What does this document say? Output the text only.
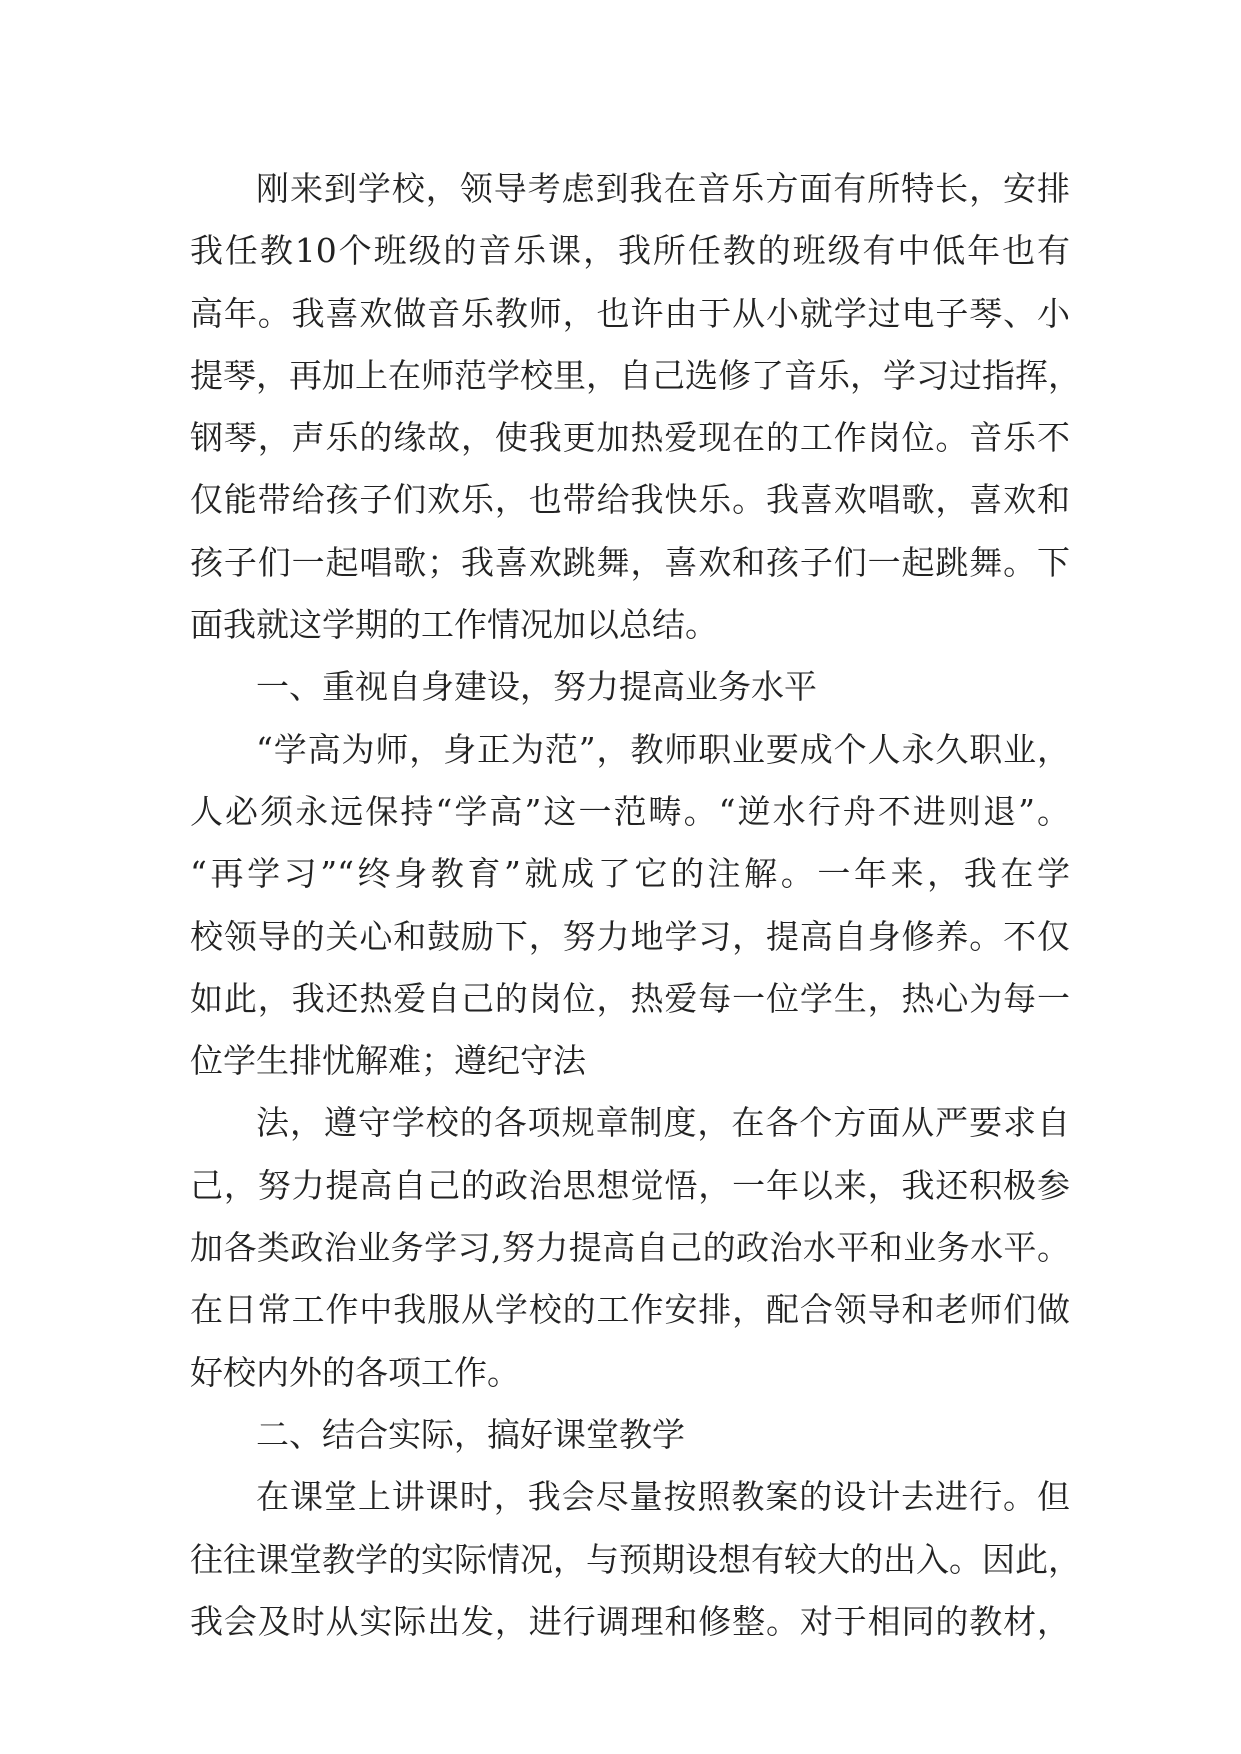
刚来到学校，领导考虑到我在音乐方面有所特长，安排
我任教10个班级的音乐课，我所任教的班级有中低年也有
高年。我喜欢做音乐教师，也许由于从小就学过电子琴、小
提琴，再加上在师范学校里，自己选修了音乐，学习过指挥，
钢琴，声乐的缘故，使我更加热爱现在的工作岗位。音乐不
仅能带给孩子们欢乐，也带给我快乐。我喜欢唱歌，喜欢和
孩子们一起唱歌；我喜欢跳舞，喜欢和孩子们一起跳舞。下
面我就这学期的工作情况加以总结。
一、重视自身建设，努力提高业务水平
“学高为师，身正为范”，教师职业要成个人永久职业，
人必须永远保持“学高”这一范畴。“逆水行舟不进则退”。
“再学习”“终身教育”就成了它的注解。一年来，我在学
校领导的关心和鼓励下，努力地学习，提高自身修养。不仅
如此，我还热爱自己的岗位，热爱每一位学生，热心为每一
位学生排忧解难；遵纪守法
法，遵守学校的各项规章制度，在各个方面从严要求自
己，努力提高自己的政治思想觉悟，一年以来，我还积极参
加各类政治业务学习,努力提高自己的政治水平和业务水平。
在日常工作中我服从学校的工作安排，配合领导和老师们做
好校内外的各项工作。
二、结合实际，搞好课堂教学
在课堂上讲课时，我会尽量按照教案的设计去进行。但
往往课堂教学的实际情况，与预期设想有较大的出入。因此，
我会及时从实际出发，进行调理和修整。对于相同的教材，
